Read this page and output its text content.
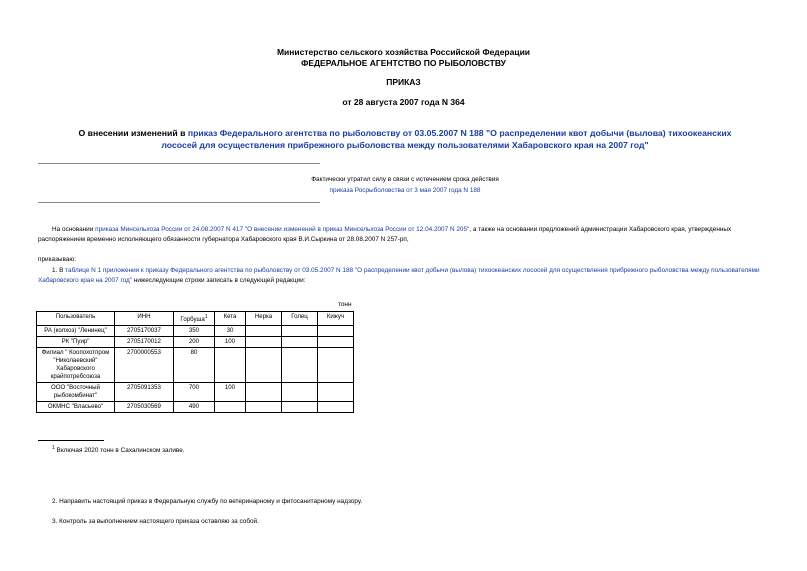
Министерство сельского хозяйства Российской Федерации
ФЕДЕРАЛЬНОЕ АГЕНТСТВО ПО РЫБОЛОВСТВУ
ПРИКАЗ
от 28 августа 2007 года N 364
О внесении изменений в приказ Федерального агентства по рыболовству от 03.05.2007 N 188 "О распределении квот добычи (вылова) тихоокеанских лососей для осуществления прибрежного рыболовства между пользователями Хабаровского края на 2007 год"
Фактически утратил силу в связи с истечением срока действия
приказа Росрыболовства от 3 мая 2007 года N 188
На основании приказа Минсельхоза России от 24.08.2007 N 417 "О внесении изменений в приказ Минсельхоза России от 12.04.2007 N 205", а также на основании предложений администрации Хабаровского края, утвержденных распоряжением временно исполняющего обязанности губернатора Хабаровского края В.И.Сыркина от 28.08.2007 N 257-рп,
приказываю:
1. В таблице N 1 приложения к приказу Федерального агентства по рыболовству от 03.05.2007 N 188 "О распределении квот добычи (вылова) тихоокеанских лососей для осуществления прибрежного рыболовства между пользователями Хабаровского края на 2007 год" нижеследующие строки записать в следующей редакции:
тонн
Пользователь	ИНН	Горбуша$^1$	Кета	Нерка	Голец	Кижуч
РА (колхоз) "Ленинец"	2705170037	350	30			
РК "Пуир"	2705170012	200	100			
Филиал " Коопохотпром "Николаевский" Хабаровского крайпотребсоюза	2700000553	80				
ООО "Восточный рыбокомбинат"	2705091353	700	100			
ОКМНС "Власьево"	2705030569	490				
$^1$ Включая 2020 тонн в Сахалинском заливе.
2. Направить настоящий приказ в Федеральную службу по ветеринарному и фитосанитарному надзору.
3. Контроль за выполнением настоящего приказа оставляю за собой.
